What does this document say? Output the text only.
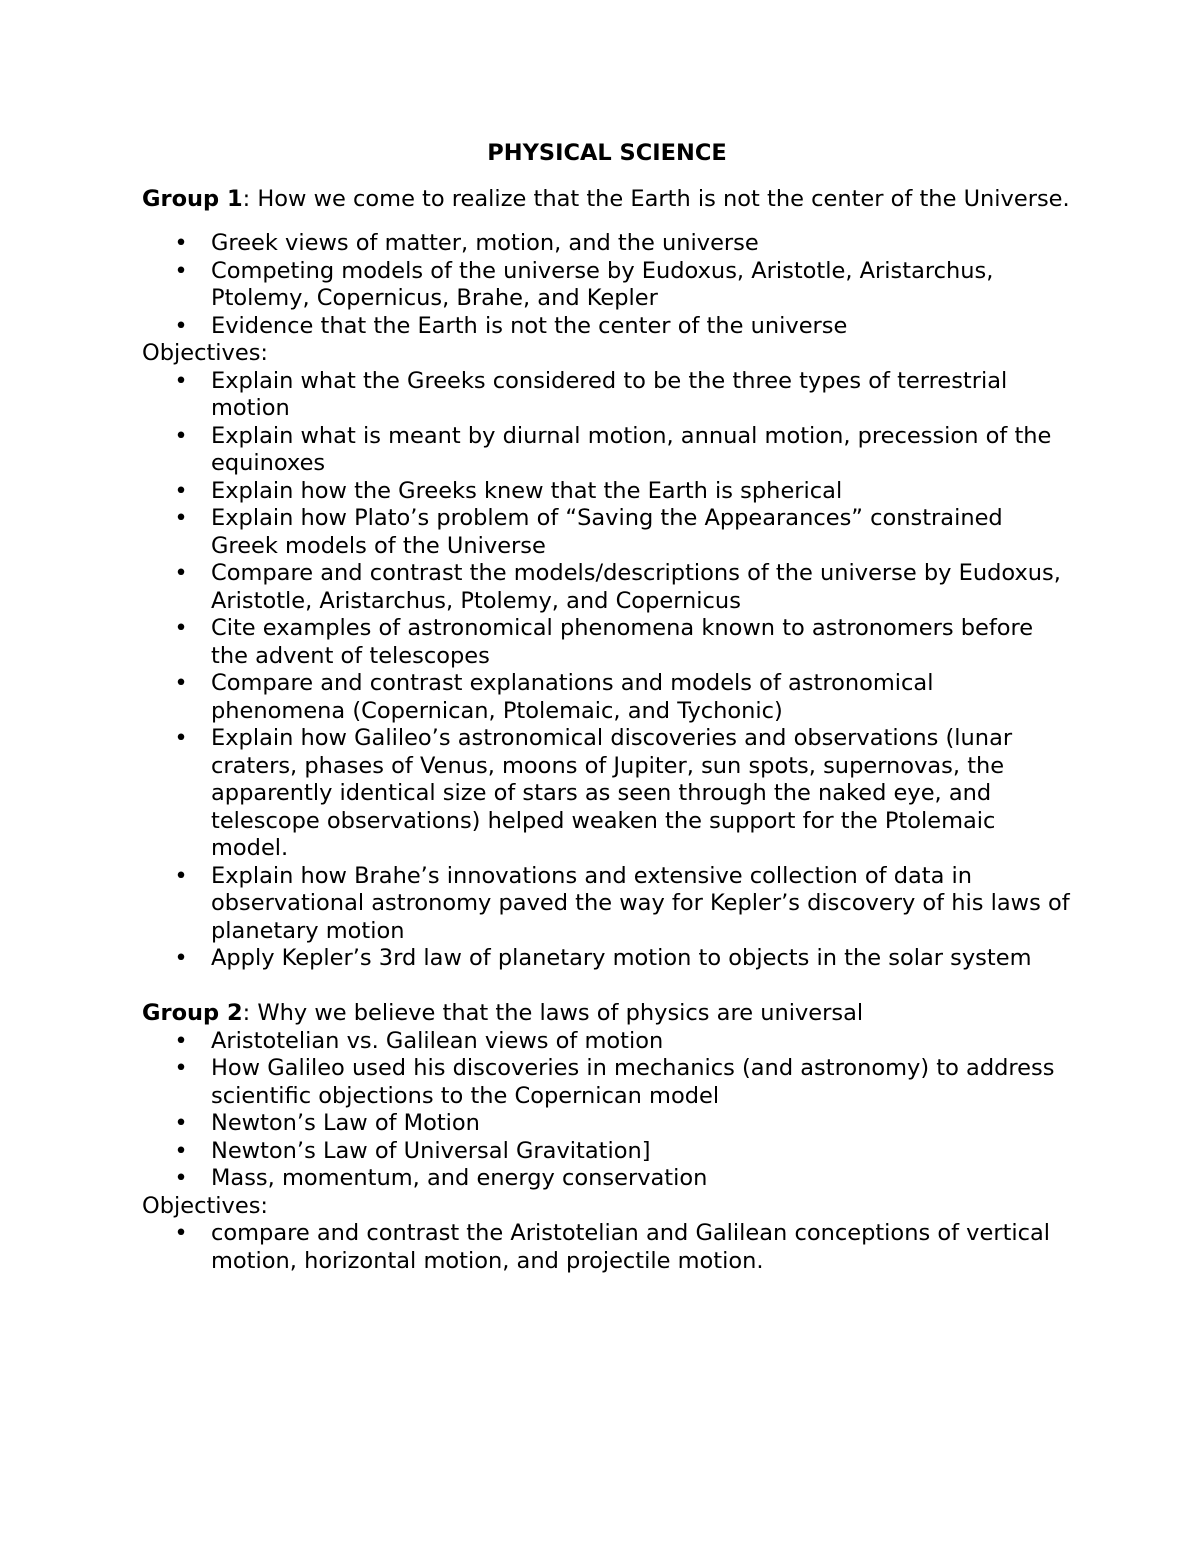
PHYSICAL SCIENCE

Group 1: How we come to realize that the Earth is not the center of the Universe.

• Greek views of matter, motion, and the universe
• Competing models of the universe by Eudoxus, Aristotle, Aristarchus, Ptolemy, Copernicus, Brahe, and Kepler
• Evidence that the Earth is not the center of the universe

Objectives:

• Explain what the Greeks considered to be the three types of terrestrial motion
• Explain what is meant by diurnal motion, annual motion, precession of the equinoxes
• Explain how the Greeks knew that the Earth is spherical
• Explain how Plato’s problem of “Saving the Appearances” constrained Greek models of the Universe
• Compare and contrast the models/descriptions of the universe by Eudoxus, Aristotle, Aristarchus, Ptolemy, and Copernicus
• Cite examples of astronomical phenomena known to astronomers before the advent of telescopes
• Compare and contrast explanations and models of astronomical phenomena (Copernican, Ptolemaic, and Tychonic)
• Explain how Galileo’s astronomical discoveries and observations (lunar craters, phases of Venus, moons of Jupiter, sun spots, supernovas, the apparently identical size of stars as seen through the naked eye, and telescope observations) helped weaken the support for the Ptolemaic model.
• Explain how Brahe’s innovations and extensive collection of data in observational astronomy paved the way for Kepler’s discovery of his laws of planetary motion
• Apply Kepler’s 3rd law of planetary motion to objects in the solar system

Group 2: Why we believe that the laws of physics are universal

• Aristotelian vs. Galilean views of motion
• How Galileo used his discoveries in mechanics (and astronomy) to address scientific objections to the Copernican model
• Newton’s Law of Motion
• Newton’s Law of Universal Gravitation]
• Mass, momentum, and energy conservation

Objectives:

• compare and contrast the Aristotelian and Galilean conceptions of vertical motion, horizontal motion, and projectile motion.
